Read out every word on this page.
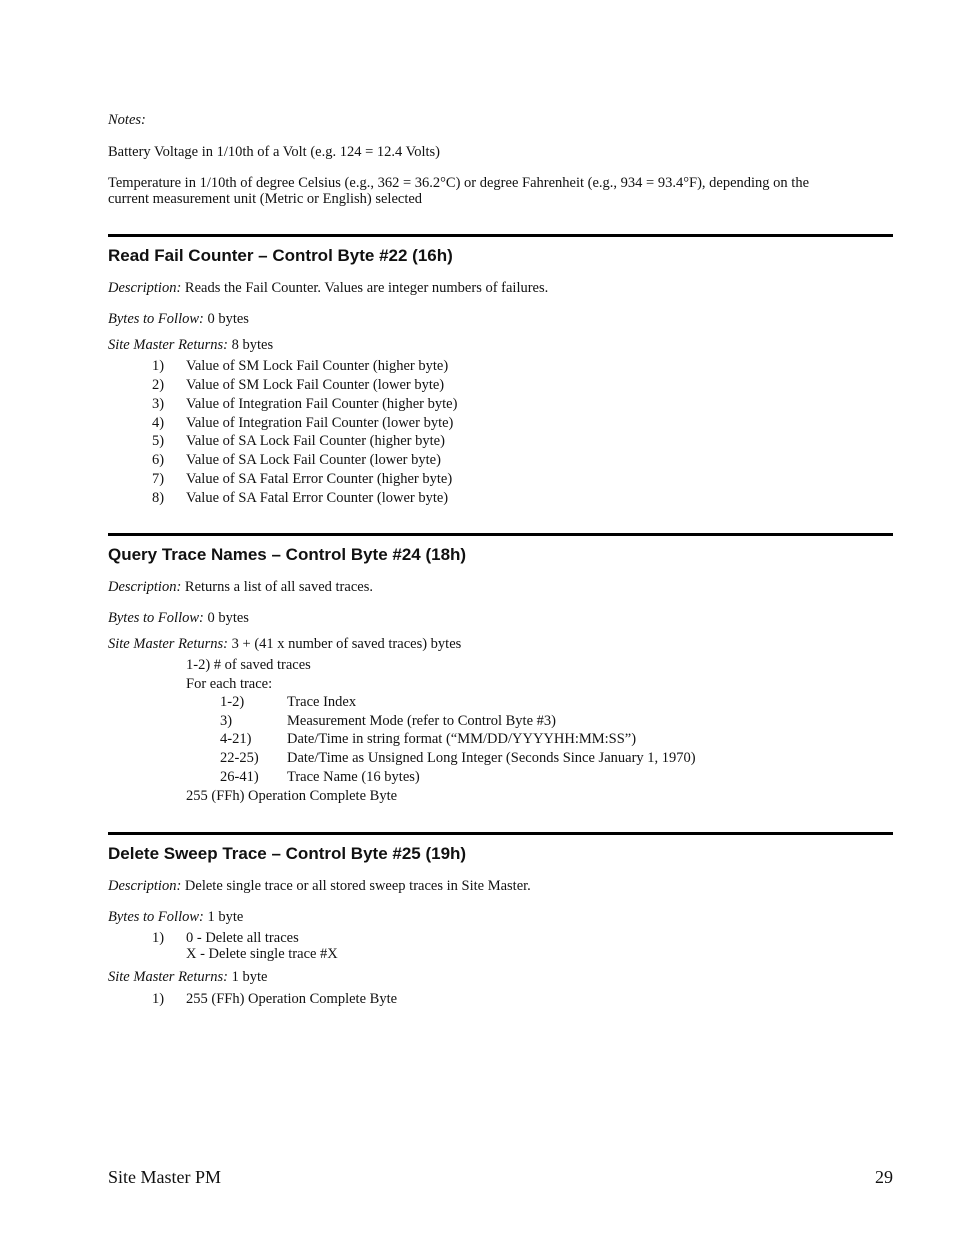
Notes:
Battery Voltage in 1/10th of a Volt (e.g. 124 = 12.4 Volts)
Temperature in 1/10th of degree Celsius (e.g., 362 = 36.2°C) or degree Fahrenheit (e.g., 934 = 93.4°F), depending on the
current measurement unit (Metric or English) selected
Read Fail Counter – Control Byte #22 (16h)
Description: Reads the Fail Counter. Values are integer numbers of failures.
Bytes to Follow: 0 bytes
Site Master Returns: 8 bytes
1) Value of SM Lock Fail Counter (higher byte)
2) Value of SM Lock Fail Counter (lower byte)
3) Value of Integration Fail Counter (higher byte)
4) Value of Integration Fail Counter (lower byte)
5) Value of SA Lock Fail Counter (higher byte)
6) Value of SA Lock Fail Counter (lower byte)
7) Value of SA Fatal Error Counter (higher byte)
8) Value of SA Fatal Error Counter (lower byte)
Query Trace Names – Control Byte #24 (18h)
Description: Returns a list of all saved traces.
Bytes to Follow: 0 bytes
Site Master Returns: 3 + (41 x number of saved traces) bytes
1-2) # of saved traces
For each trace:
1-2)	Trace Index
3)	Measurement Mode (refer to Control Byte #3)
4-21) Date/Time in string format (“MM/DD/YYYYHH:MM:SS”)
22-25) Date/Time as Unsigned Long Integer (Seconds Since January 1, 1970)
26-41) Trace Name (16 bytes)
255 (FFh) Operation Complete Byte
Delete Sweep Trace – Control Byte #25 (19h)
Description: Delete single trace or all stored sweep traces in Site Master.
Bytes to Follow: 1 byte
1) 0 - Delete all traces
X - Delete single trace #X
Site Master Returns: 1 byte
1) 255 (FFh) Operation Complete Byte
Site Master PM	29
